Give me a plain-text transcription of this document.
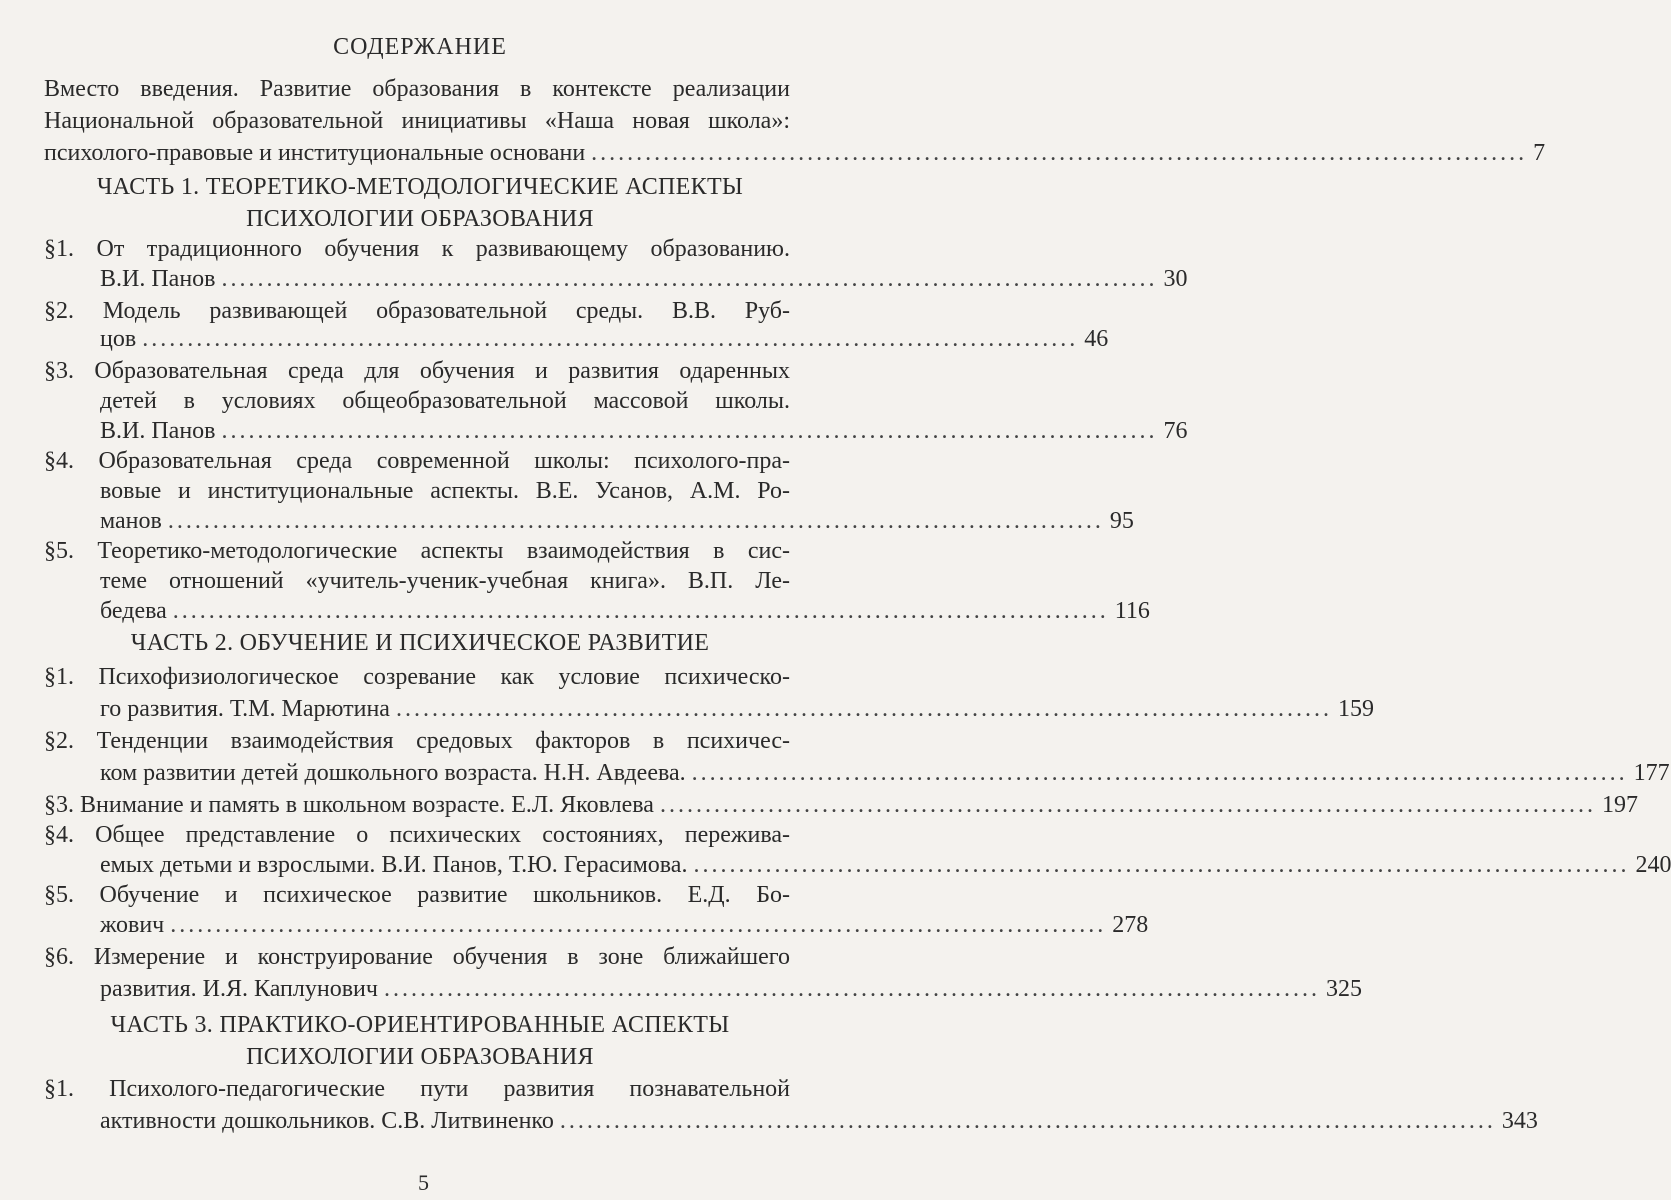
СОДЕРЖАНИЕ
Вместо введения. Развитие образования в контексте реализации
Национальной образовательной инициативы «Наша новая школа»:
психолого-правовые и институциональные основани ........................................................................................................ 7
ЧАСТЬ 1. ТЕОРЕТИКО-МЕТОДОЛОГИЧЕСКИЕ АСПЕКТЫ
ПСИХОЛОГИИ ОБРАЗОВАНИЯ
§1. От традиционного обучения к развивающему образованию.
В.И. Панов ........................................................................................................ 30
§2. Модель развивающей образовательной среды. В.В. Руб-
цов ........................................................................................................ 46
§3. Образовательная среда для обучения и развития одаренных
детей в условиях общеобразовательной массовой школы.
В.И. Панов ........................................................................................................ 76
§4. Образовательная среда современной школы: психолого-пра-
вовые и институциональные аспекты. В.Е. Усанов, А.М. Ро-
манов ........................................................................................................ 95
§5. Теоретико-методологические аспекты взаимодействия в сис-
теме отношений «учитель-ученик-учебная книга». В.П. Ле-
бедева ........................................................................................................ 116
ЧАСТЬ 2. ОБУЧЕНИЕ И ПСИХИЧЕСКОЕ РАЗВИТИЕ
§1. Психофизиологическое созревание как условие психическо-
го развития. Т.М. Марютина ........................................................................................................ 159
§2. Тенденции взаимодействия средовых факторов в психичес-
ком развитии детей дошкольного возраста. Н.Н. Авдеева. ........................................................................................................ 177
§3. Внимание и память в школьном возрасте. Е.Л. Яковлева ........................................................................................................ 197
§4. Общее представление о психических состояниях, пережива-
емых детьми и взрослыми. В.И. Панов, Т.Ю. Герасимова. ........................................................................................................ 240
§5. Обучение и психическое развитие школьников. Е.Д. Бо-
жович ........................................................................................................ 278
§6. Измерение и конструирование обучения в зоне ближайшего
развития. И.Я. Каплунович ........................................................................................................ 325
ЧАСТЬ 3. ПРАКТИКО-ОРИЕНТИРОВАННЫЕ АСПЕКТЫ
ПСИХОЛОГИИ ОБРАЗОВАНИЯ
§1. Психолого-педагогические пути развития познавательной
активности дошкольников. С.В. Литвиненко ........................................................................................................ 343
5
